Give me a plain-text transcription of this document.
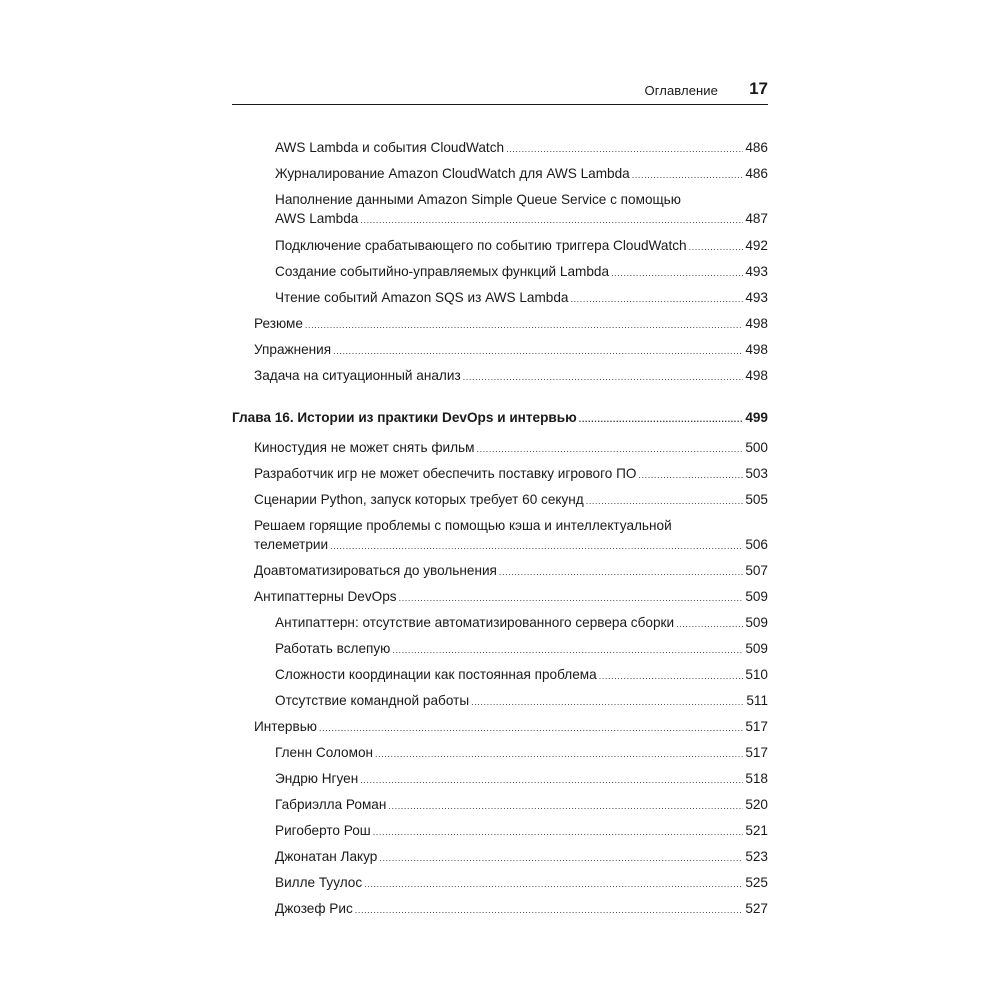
Оглавление 17
AWS Lambda и события CloudWatch .....	486
Журналирование Amazon CloudWatch для AWS Lambda .....	486
Наполнение данными Amazon Simple Queue Service с помощью
AWS Lambda .....	487
Подключение срабатывающего по событию триггера CloudWatch .....	492
Создание событийно-управляемых функций Lambda .....	493
Чтение событий Amazon SQS из AWS Lambda .....	493
Резюме .....	498
Упражнения .....	498
Задача на ситуационный анализ .....	498
Глава 16. Истории из практики DevOps и интервью .....	499
Киностудия не может снять фильм .....	500
Разработчик игр не может обеспечить поставку игрового ПО .....	503
Сценарии Python, запуск которых требует 60 секунд .....	505
Решаем горящие проблемы с помощью кэша и интеллектуальной
телеметрии .....	506
Доавтоматизироваться до увольнения .....	507
Антипаттерны DevOps .....	509
Антипаттерн: отсутствие автоматизированного сервера сборки .....	509
Работать вслепую .....	509
Сложности координации как постоянная проблема .....	510
Отсутствие командной работы .....	511
Интервью .....	517
Гленн Соломон .....	517
Эндрю Нгуен .....	518
Габриэлла Роман .....	520
Ригоберто Рош .....	521
Джонатан Лакур .....	523
Вилле Туулос .....	525
Джозеф Рис .....	527
